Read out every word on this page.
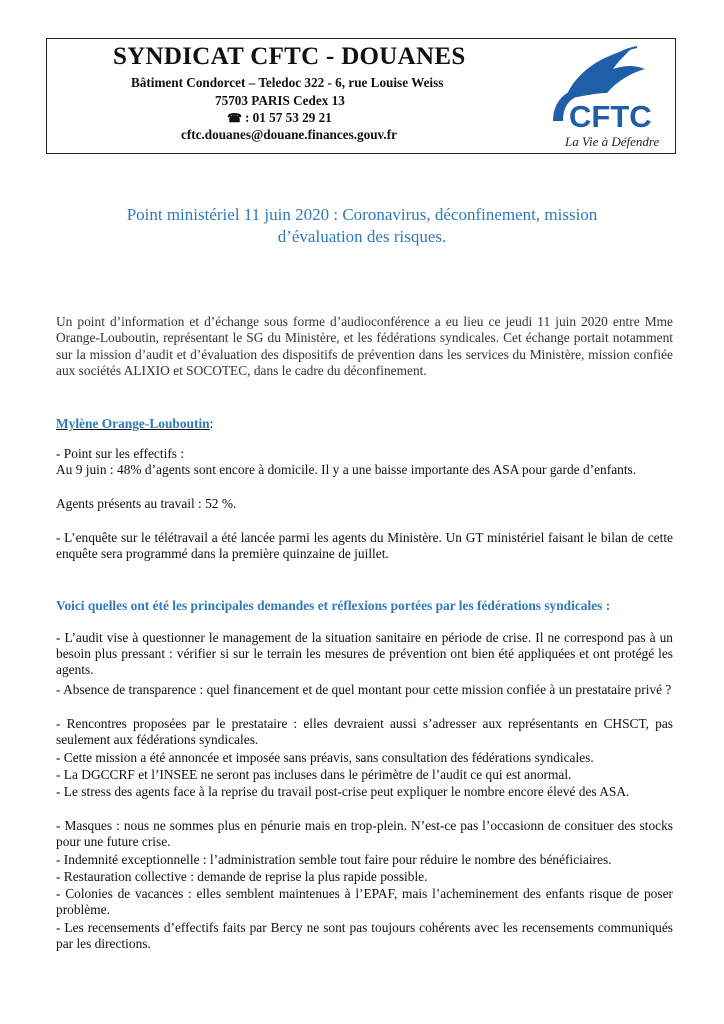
SYNDICAT CFTC - DOUANES
Bâtiment Condorcet – Teledoc 322 - 6, rue Louise Weiss
75703 PARIS Cedex 13
☎ : 01 57 53 29 21
cftc.douanes@douane.finances.gouv.fr
CFTC
La Vie à Défendre
Point ministériel 11 juin 2020 : Coronavirus, déconfinement, mission
d’évaluation des risques.
Un point d’information et d’échange sous forme d’audioconférence a eu lieu ce jeudi 11 juin 2020 entre Mme Orange-Louboutin, représentant le SG du Ministère, et les fédérations syndicales. Cet échange portait notamment sur la mission d’audit et d’évaluation des dispositifs de prévention dans les services du Ministère, mission confiée aux sociétés ALIXIO et SOCOTEC, dans le cadre du déconfinement.
Mylène Orange-Louboutin:
- Point sur les effectifs :
Au 9 juin : 48% d’agents sont encore à domicile. Il y a une baisse importante des ASA pour garde d’enfants.
Agents présents au travail : 52 %.
- L’enquête sur le télétravail a été lancée parmi les agents du Ministère. Un GT ministériel faisant le bilan de cette enquête sera programmé dans la première quinzaine de juillet.
Voici quelles ont été les principales demandes et réflexions portées par les fédérations syndicales :
- L’audit vise à questionner le management de la situation sanitaire en période de crise. Il ne correspond pas à un besoin plus pressant : vérifier si sur le terrain les mesures de prévention ont bien été appliquées et ont protégé les agents.
- Absence de transparence : quel financement et de quel montant pour cette mission confiée à un prestataire privé ?
- Rencontres proposées par le prestataire : elles devraient aussi s’adresser aux représentants en CHSCT, pas seulement aux fédérations syndicales.
- Cette mission a été annoncée et imposée sans préavis, sans consultation des fédérations syndicales.
- La DGCCRF et l’INSEE ne seront pas incluses dans le périmètre de l’audit ce qui est anormal.
- Le stress des agents face à la reprise du travail post-crise peut expliquer le nombre encore élevé des ASA.
- Masques : nous ne sommes plus en pénurie mais en trop-plein. N’est-ce pas l’occasionn de consituer des stocks pour une future crise.
- Indemnité exceptionnelle : l’administration semble tout faire pour réduire le nombre des bénéficiaires.
- Restauration collective : demande de reprise la plus rapide possible.
- Colonies de vacances : elles semblent maintenues à l’EPAF, mais l’acheminement des enfants risque de poser problème.
- Les recensements d’effectifs faits par Bercy ne sont pas toujours cohérents avec les recensements communiqués par les directions.
